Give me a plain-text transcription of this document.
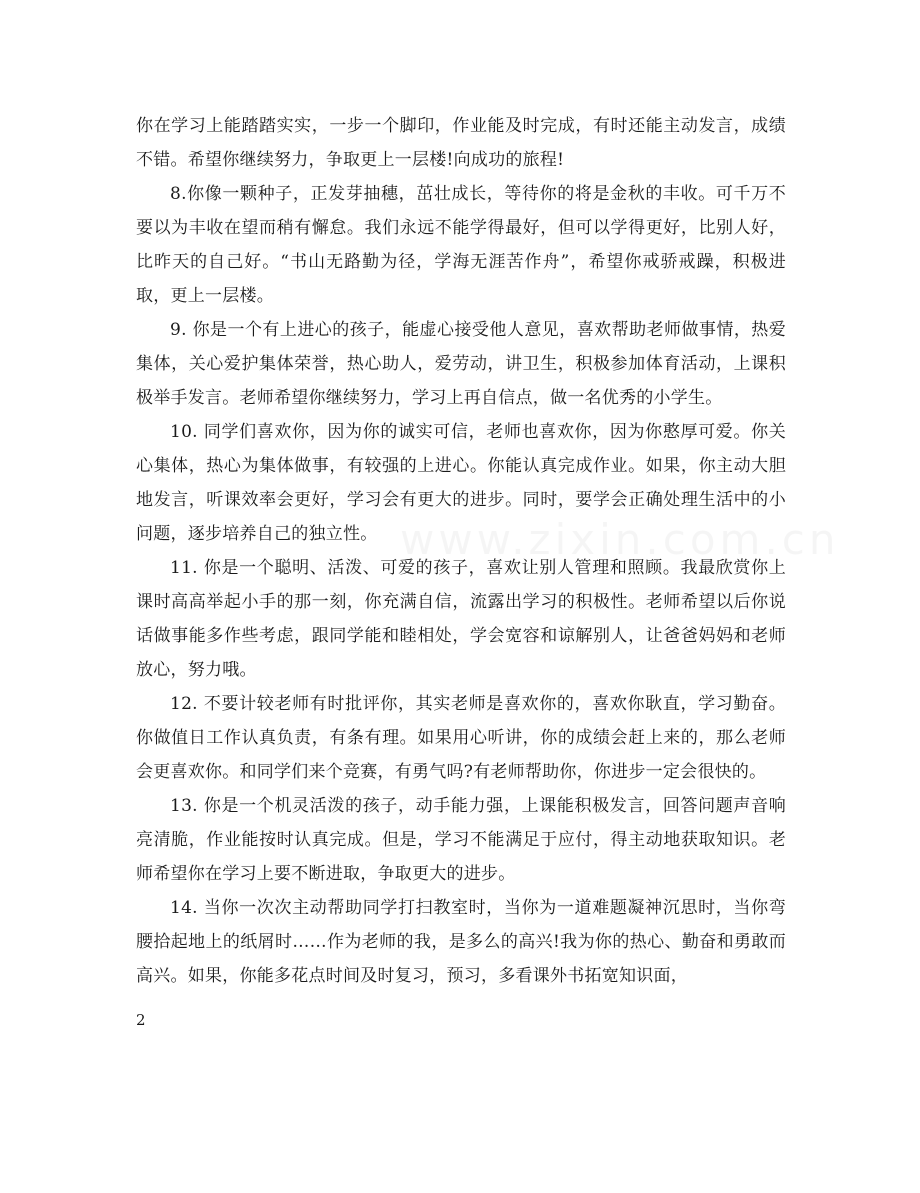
你在学习上能踏踏实实，一步一个脚印，作业能及时完成，有时还能主动发言，成绩不错。希望你继续努力，争取更上一层楼!向成功的旅程!

8.你像一颗种子，正发芽抽穗，茁壮成长，等待你的将是金秋的丰收。可千万不要以为丰收在望而稍有懈怠。我们永远不能学得最好，但可以学得更好，比别人好，比昨天的自己好。“书山无路勤为径，学海无涯苦作舟”，希望你戒骄戒躁，积极进取，更上一层楼。

9. 你是一个有上进心的孩子，能虚心接受他人意见，喜欢帮助老师做事情，热爱集体，关心爱护集体荣誉，热心助人，爱劳动，讲卫生，积极参加体育活动，上课积极举手发言。老师希望你继续努力，学习上再自信点，做一名优秀的小学生。

10. 同学们喜欢你，因为你的诚实可信，老师也喜欢你，因为你憨厚可爱。你关心集体，热心为集体做事，有较强的上进心。你能认真完成作业。如果，你主动大胆地发言，听课效率会更好，学习会有更大的进步。同时，要学会正确处理生活中的小问题，逐步培养自己的独立性。

11. 你是一个聪明、活泼、可爱的孩子，喜欢让别人管理和照顾。我最欣赏你上课时高高举起小手的那一刻，你充满自信，流露出学习的积极性。老师希望以后你说话做事能多作些考虑，跟同学能和睦相处，学会宽容和谅解别人，让爸爸妈妈和老师放心，努力哦。

12. 不要计较老师有时批评你，其实老师是喜欢你的，喜欢你耿直，学习勤奋。你做值日工作认真负责，有条有理。如果用心听讲，你的成绩会赶上来的，那么老师会更喜欢你。和同学们来个竞赛，有勇气吗?有老师帮助你，你进步一定会很快的。

13. 你是一个机灵活泼的孩子，动手能力强，上课能积极发言，回答问题声音响亮清脆，作业能按时认真完成。但是，学习不能满足于应付，得主动地获取知识。老师希望你在学习上要不断进取，争取更大的进步。

14. 当你一次次主动帮助同学打扫教室时，当你为一道难题凝神沉思时，当你弯腰拾起地上的纸屑时……作为老师的我，是多么的高兴!我为你的热心、勤奋和勇敢而高兴。如果，你能多花点时间及时复习，预习，多看课外书拓宽知识面，

2
